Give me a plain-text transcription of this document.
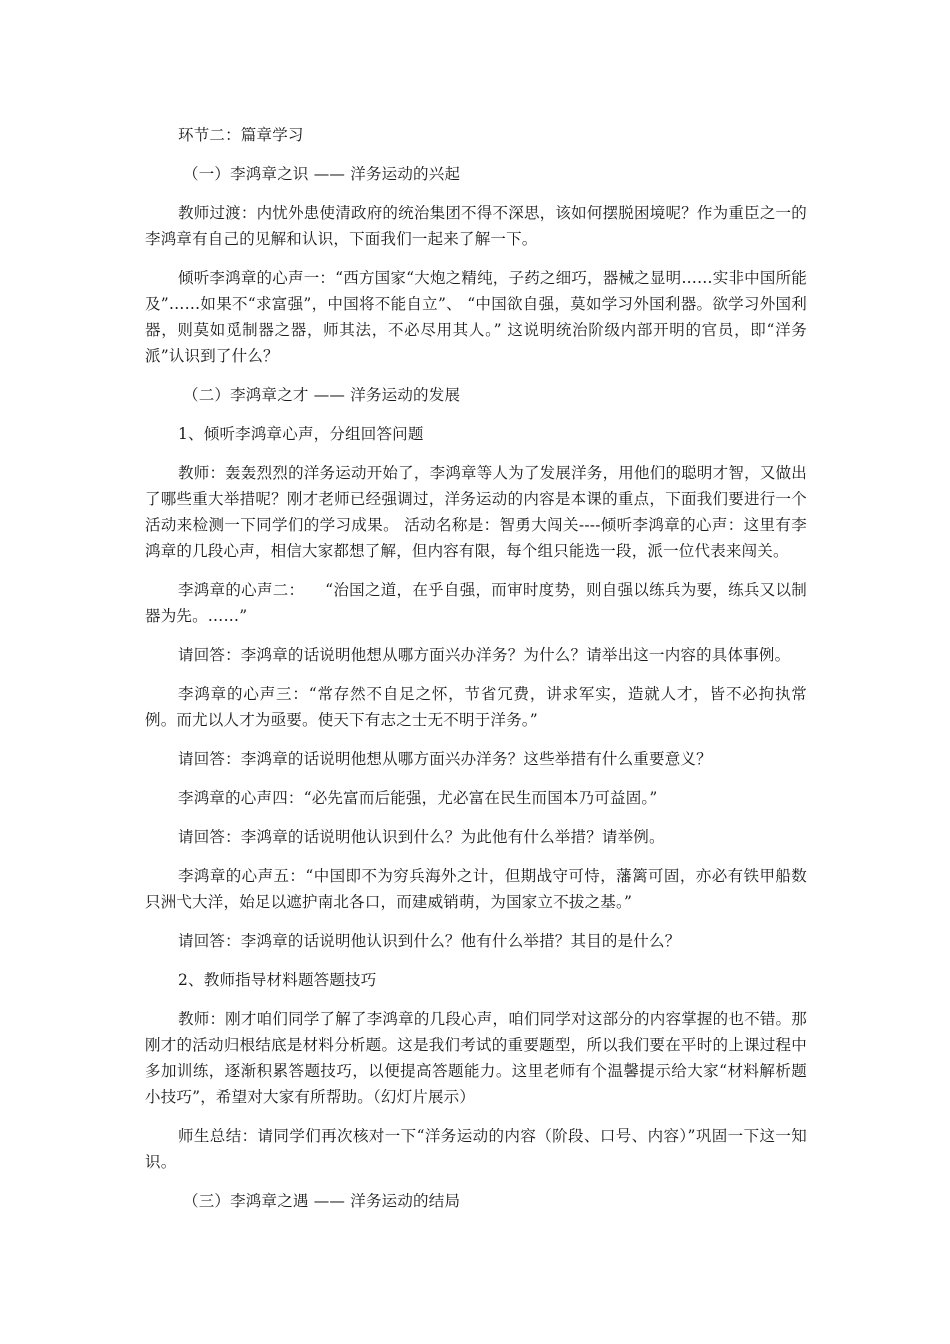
环节二：篇章学习

（一）李鸿章之识 —— 洋务运动的兴起

教师过渡：内忧外患使清政府的统治集团不得不深思，该如何摆脱困境呢？作为重臣之一的李鸿章有自己的见解和认识，下面我们一起来了解一下。

倾听李鸿章的心声一：“西方国家“大炮之精纯，子药之细巧，器械之显明……实非中国所能及”……如果不“求富强”，中国将不能自立”、 “中国欲自强，莫如学习外国利器。欲学习外国利器，则莫如觅制器之器，师其法，不必尽用其人。” 这说明统治阶级内部开明的官员，即“洋务派”认识到了什么？

（二）李鸿章之才 —— 洋务运动的发展

1、倾听李鸿章心声，分组回答问题

教师：轰轰烈烈的洋务运动开始了，李鸿章等人为了发展洋务，用他们的聪明才智，又做出了哪些重大举措呢？刚才老师已经强调过，洋务运动的内容是本课的重点，下面我们要进行一个活动来检测一下同学们的学习成果。 活动名称是：智勇大闯关----倾听李鸿章的心声：这里有李鸿章的几段心声，相信大家都想了解，但内容有限，每个组只能选一段，派一位代表来闯关。

李鸿章的心声二：    “治国之道，在乎自强，而审时度势，则自强以练兵为要，练兵又以制器为先。……”

请回答：李鸿章的话说明他想从哪方面兴办洋务？为什么？请举出这一内容的具体事例。

李鸿章的心声三：“常存然不自足之怀，节省冗费，讲求军实，造就人才，皆不必拘执常例。而尤以人才为亟要。使天下有志之士无不明于洋务。”

请回答：李鸿章的话说明他想从哪方面兴办洋务？这些举措有什么重要意义？

李鸿章的心声四：“必先富而后能强，尤必富在民生而国本乃可益固。”

请回答：李鸿章的话说明他认识到什么？为此他有什么举措？请举例。

李鸿章的心声五：“中国即不为穷兵海外之计，但期战守可恃，藩篱可固，亦必有铁甲船数只洲弋大洋，始足以遮护南北各口，而建威销萌，为国家立不拔之基。”

请回答：李鸿章的话说明他认识到什么？他有什么举措？其目的是什么？

2、教师指导材料题答题技巧

教师：刚才咱们同学了解了李鸿章的几段心声，咱们同学对这部分的内容掌握的也不错。那刚才的活动归根结底是材料分析题。这是我们考试的重要题型，所以我们要在平时的上课过程中多加训练，逐渐积累答题技巧，以便提高答题能力。这里老师有个温馨提示给大家“材料解析题小技巧”，希望对大家有所帮助。（幻灯片展示）

师生总结：请同学们再次核对一下“洋务运动的内容（阶段、口号、内容）”巩固一下这一知识。

（三）李鸿章之遇 —— 洋务运动的结局
